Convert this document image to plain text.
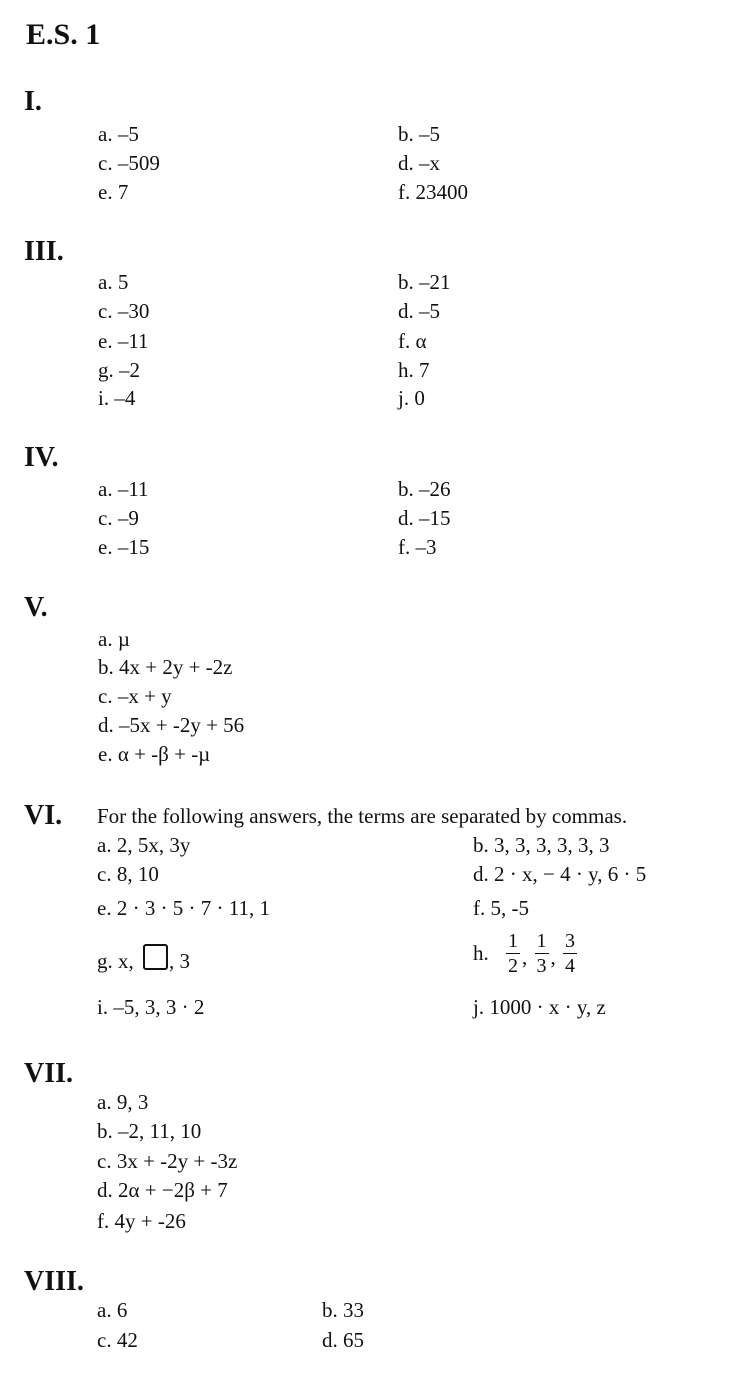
E.S. 1
I.
a. –5	b. –5
c. –509	d. –x
e. 7	f. 23400
III.
a. 5	b. –21
c. –30	d. –5
e. –11	f. α
g. –2	h. 7
i. –4	j. 0
IV.
a. –11	b. –26
c. –9	d. –15
e. –15	f. –3
V.
a. µ
b. 4x + 2y + -2z
c. –x + y
d. –5x + -2y + 56
e. α + -β + -µ
VI. For the following answers, the terms are separated by commas.
a. 2, 5x, 3y	b. 3, 3, 3, 3, 3, 3
c. 8, 10	d. 2 · x, − 4 · y, 6 · 5
e. 2 · 3 · 5 · 7 · 11, 1	f. 5, -5
g. x, , 3	h. $\frac{1}{2}$ , $\frac{1}{3}$ , $\frac{3}{4}$
i. –5, 3, 3 · 2	j. 1000 · x · y, z
VII.
a. 9, 3
b. –2, 11, 10
c. 3x + -2y + -3z
d. 2α + −2β + 7
f. 4y + -26
VIII.
a. 6	b. 33
c. 42	d. 65
